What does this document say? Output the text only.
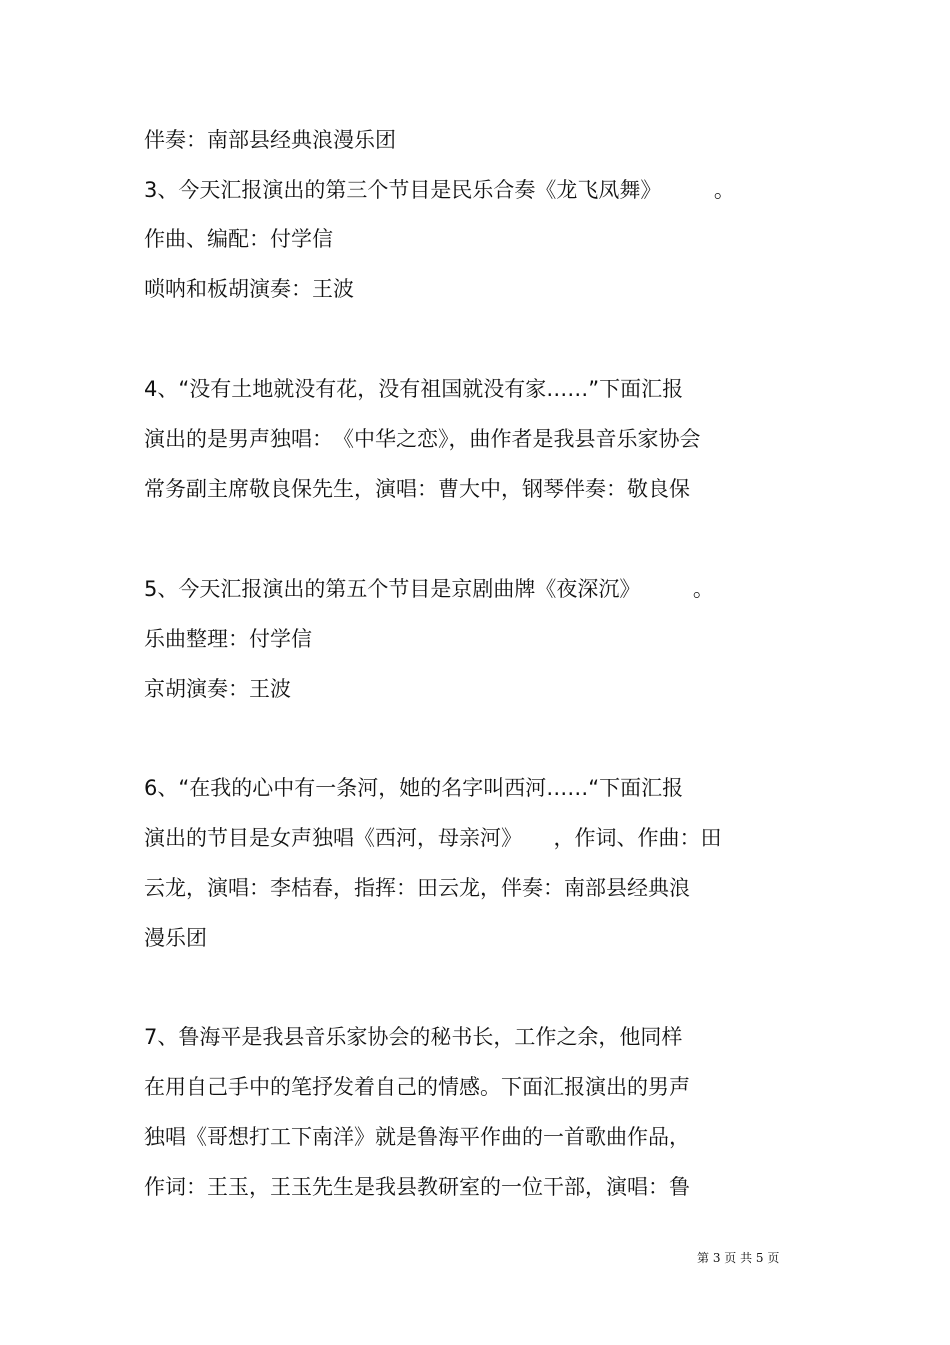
伴奏：南部县经典浪漫乐团
3、今天汇报演出的第三个节目是民乐合奏《龙飞凤舞》　　　。
作曲、编配：付学信
唢呐和板胡演奏：王波
4、“没有土地就没有花，没有祖国就没有家……”下面汇报
演出的是男声独唱：　《中华之恋》，曲作者是我县音乐家协会
常务副主席敬良保先生，演唱：曹大中，钢琴伴奏：敬良保
5、今天汇报演出的第五个节目是京剧曲牌《夜深沉》　　　。
乐曲整理：付学信
京胡演奏：王波
6、“在我的心中有一条河，她的名字叫西河……“下面汇报
演出的节目是女声独唱《西河，母亲河》　　，作词、作曲：田
云龙，演唱：李桔春，指挥：田云龙，伴奏：南部县经典浪
漫乐团
7、鲁海平是我县音乐家协会的秘书长，工作之余，他同样
在用自己手中的笔抒发着自己的情感。下面汇报演出的男声
独唱《哥想打工下南洋》就是鲁海平作曲的一首歌曲作品，
作词：王玉，王玉先生是我县教研室的一位干部，演唱：鲁
第 3 页 共 5 页
